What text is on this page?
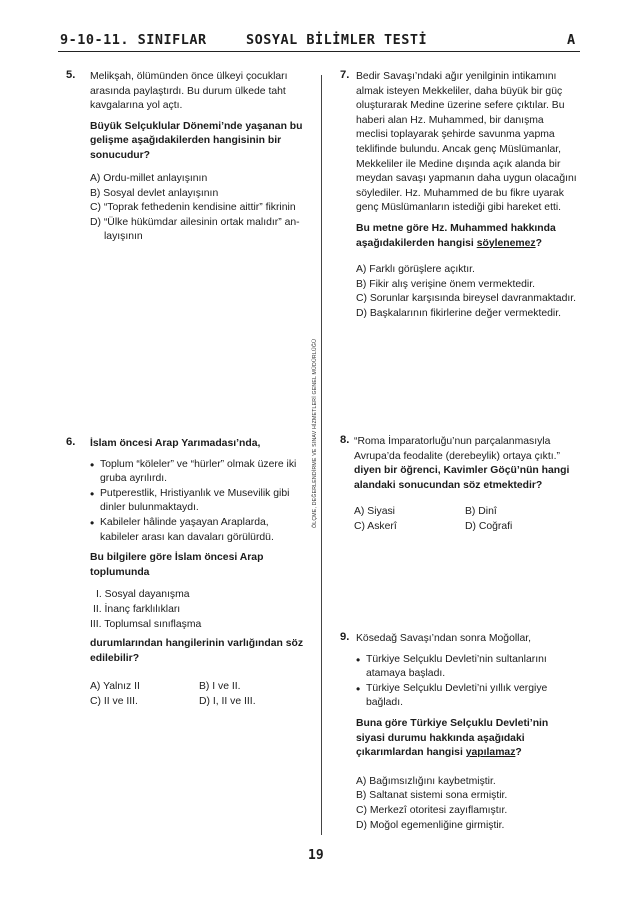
9-10-11. SINIFLAR	SOSYAL BİLİMLER TESTİ	A
ÖLÇME, DEĞERLENDİRME VE SINAV HİZMETLERİ GENEL MÜDÜRLÜĞÜ
5. Melikşah, ölümünden önce ülkeyi çocukları arasında paylaştırdı. Bu durum ülkede taht kavgalarına yol açtı.

Büyük Selçuklular Dönemi’nde yaşanan bu gelişme aşağıdakilerden hangisinin bir sonucudur?

A) Ordu-millet anlayışının

B) Sosyal devlet anlayışının

C) “Toprak fethedenin kendisine aittir” fikrinin

D) “Ülke hükümdar ailesinin ortak malıdır” an-

layışının

6. İslam öncesi Arap Yarımadası’nda,

• Toplum “köleler” ve “hürler” olmak üzere iki gruba ayrılırdı.

• Putperestlik, Hristiyanlık ve Musevilik gibi dinler bulunmaktaydı.

• Kabileler hâlinde yaşayan Araplarda, kabileler arası kan davaları görülürdü.

Bu bilgilere göre İslam öncesi Arap toplumunda

I. Sosyal dayanışma

II. İnanç farklılıkları

III. Toplumsal sınıflaşma

durumlarından hangilerinin varlığından söz edilebilir?

A) Yalnız II	B) I ve II.

C) II ve III.	D) I, II ve III.

7. Bedir Savaşı’ndaki ağır yenilginin intikamını almak isteyen Mekkeliler, daha büyük bir güç oluşturarak Medine üzerine sefere çıktılar. Bu haberi alan Hz. Muhammed, bir danışma meclisi toplayarak şehirde savunma yapma teklifinde bulundu. Ancak genç Müslümanlar, Mekkeliler ile Medine dışında açık alanda bir meydan savaşı yapmanın daha uygun olacağını söylediler. Hz. Muhammed de bu fikre uyarak genç Müslümanların istediği gibi hareket etti.

Bu metne göre Hz. Muhammed hakkında aşağıdakilerden hangisi söylenemez?

A) Farklı görüşlere açıktır.

B) Fikir alış verişine önem vermektedir.

C) Sorunlar karşısında bireysel davranmaktadır.

D) Başkalarının fikirlerine değer vermektedir.

8. “Roma İmparatorluğu’nun parçalanmasıyla Avrupa’da feodalite (derebeylik) ortaya çıktı.”

diyen bir öğrenci, Kavimler Göçü’nün hangi alandaki sonucundan söz etmektedir?

A) Siyasi	B) Dinî

C) Askerî	D) Coğrafi

9. Kösedağ Savaşı’ndan sonra Moğollar,

• Türkiye Selçuklu Devleti’nin sultanlarını atamaya başladı.

• Türkiye Selçuklu Devleti’ni yıllık vergiye bağladı.

Buna göre Türkiye Selçuklu Devleti’nin siyasi durumu hakkında aşağıdaki çıkarımlardan hangisi yapılamaz?

A) Bağımsızlığını kaybetmiştir.

B) Saltanat sistemi sona ermiştir.

C) Merkezî otoritesi zayıflamıştır.

D) Moğol egemenliğine girmiştir.

19
